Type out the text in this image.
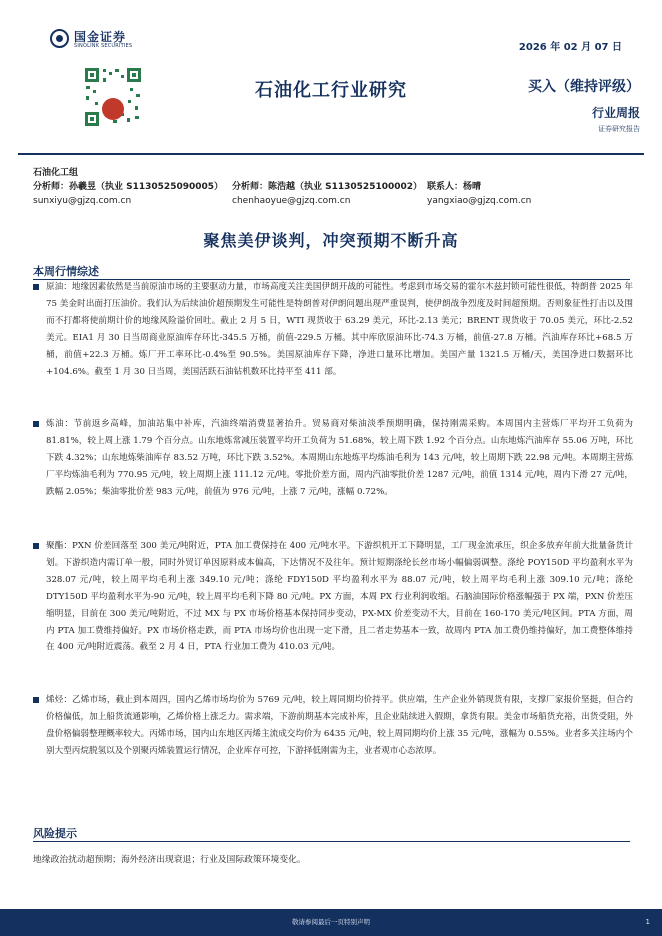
国金证券
SINOLINK SECURITIES	2026 年 02 月 07 日
石油化工行业研究	买入（维持评级）
行业周报
证券研究报告
石油化工组
分析师：孙羲昱（执业 S1130525090005） 分析师：陈浩越（执业 S1130525100002） 联系人：杨晴
sunxiyu@gjzq.com.cn	chenhaoyue@gjzq.com.cn	yangxiao@gjzq.com.cn
聚焦美伊谈判，冲突预期不断升高
本周行情综述
原油：地缘因素依然是当前原油市场的主要驱动力量，市场高度关注美国伊朗开战的可能性。考虑到市场交易的霍尔木兹封锁可能性很低，特朗普 2025 年 75 美金时出面打压油价。我们认为后续油价超预期发生可能性是特朗普对伊朗问题出现严重误判，使伊朗战争烈度及时间超预期。否则象征性打击以及围而不打都将使前期计价的地缘风险溢价回吐。截止 2 月 5 日，WTI 现货收于 63.29 美元，环比-2.13 美元；BRENT 现货收于 70.05 美元，环比-2.52 美元。EIA1 月 30 日当周商业原油库存环比-345.5 万桶，前值-229.5 万桶。其中库欣原油环比-74.3 万桶，前值-27.8 万桶。汽油库存环比+68.5 万桶，前值+22.3 万桶。炼厂开工率环比-0.4%至 90.5%。美国原油库存下降，净进口量环比增加。美国产量 1321.5 万桶/天，美国净进口数据环比+104.6%。截至 1 月 30 日当周，美国活跃石油钻机数环比持平至 411 部。
炼油：节前返乡高峰，加油站集中补库，汽油终端消费显著抬升。贸易商对柴油淡季预期明确，保持刚需采购。本周国内主营炼厂平均开工负荷为 81.81%，较上周上涨 1.79 个百分点。山东地炼常减压装置平均开工负荷为 51.68%，较上周下跌 1.92 个百分点。山东地炼汽油库存 55.06 万吨，环比下跌 4.32%；山东地炼柴油库存 83.52 万吨，环比下跌 3.52%。本周期山东地炼平均炼油毛利为 143 元/吨，较上周期下跌 22.98 元/吨。本周期主营炼厂平均炼油毛利为 770.95 元/吨，较上周期上涨 111.12 元/吨。零批价差方面，周内汽油零批价差 1287 元/吨，前值 1314 元/吨，周内下滑 27 元/吨，跌幅 2.05%；柴油零批价差 983 元/吨，前值为 976 元/吨，上涨 7 元/吨，涨幅 0.72%。
聚酯：PXN 价差回落至 300 美元/吨附近，PTA 加工费保持在 400 元/吨水平。下游织机开工下降明显，工厂现金流承压，织企多放弃年前大批量备货计划。下游织造内需订单一般，同时外贸订单因原料成本偏高，下达情况不及往年。预计短期涤纶长丝市场小幅偏弱调整。涤纶 POY150D 平均盈利水平为 328.07 元/吨，较上周平均毛利上涨 349.10 元/吨；涤纶 FDY150D 平均盈利水平为 88.07 元/吨，较上周平均毛利上涨 309.10 元/吨；涤纶 DTY150D 平均盈利水平为-90 元/吨，较上周平均毛利下降 80 元/吨。PX 方面，本周 PX 行业利润收缩。石脑油国际价格涨幅强于 PX 端，PXN 价差压缩明显，目前在 300 美元/吨附近，不过 MX 与 PX 市场价格基本保持同步变动，PX-MX 价差变动不大，目前在 160-170 美元/吨区间。PTA 方面，周内 PTA 加工费维持偏好。PX 市场价格走跌，而 PTA 市场均价也出现一定下滑，且二者走势基本一致，故周内 PTA 加工费仍维持偏好，加工费整体维持在 400 元/吨附近震荡。截至 2 月 4 日，PTA 行业加工费为 410.03 元/吨。
烯烃：乙烯市场，截止到本周四，国内乙烯市场均价为 5769 元/吨，较上周同期均价持平。供应端，生产企业外销现货有限，支撑厂家报价坚挺，但合约价格偏低，加上船货流通影响，乙烯价格上涨乏力。需求端，下游前期基本完成补库，且企业陆续进入假期，拿货有限。美金市场船货充裕，出货受阻，外盘价格偏弱整理概率较大。丙烯市场，国内山东地区丙烯主流成交均价为 6435 元/吨，较上周同期均价上涨 35 元/吨，涨幅为 0.55%。业者多关注场内个别大型丙烷脱氢以及个别聚丙烯装置运行情况，企业库存可控，下游择低刚需为主，业者观市心态浓厚。
风险提示
地缘政治扰动超预期；海外经济出现衰退；行业及国际政策环境变化。
敬请参阅最后一页特别声明	1
